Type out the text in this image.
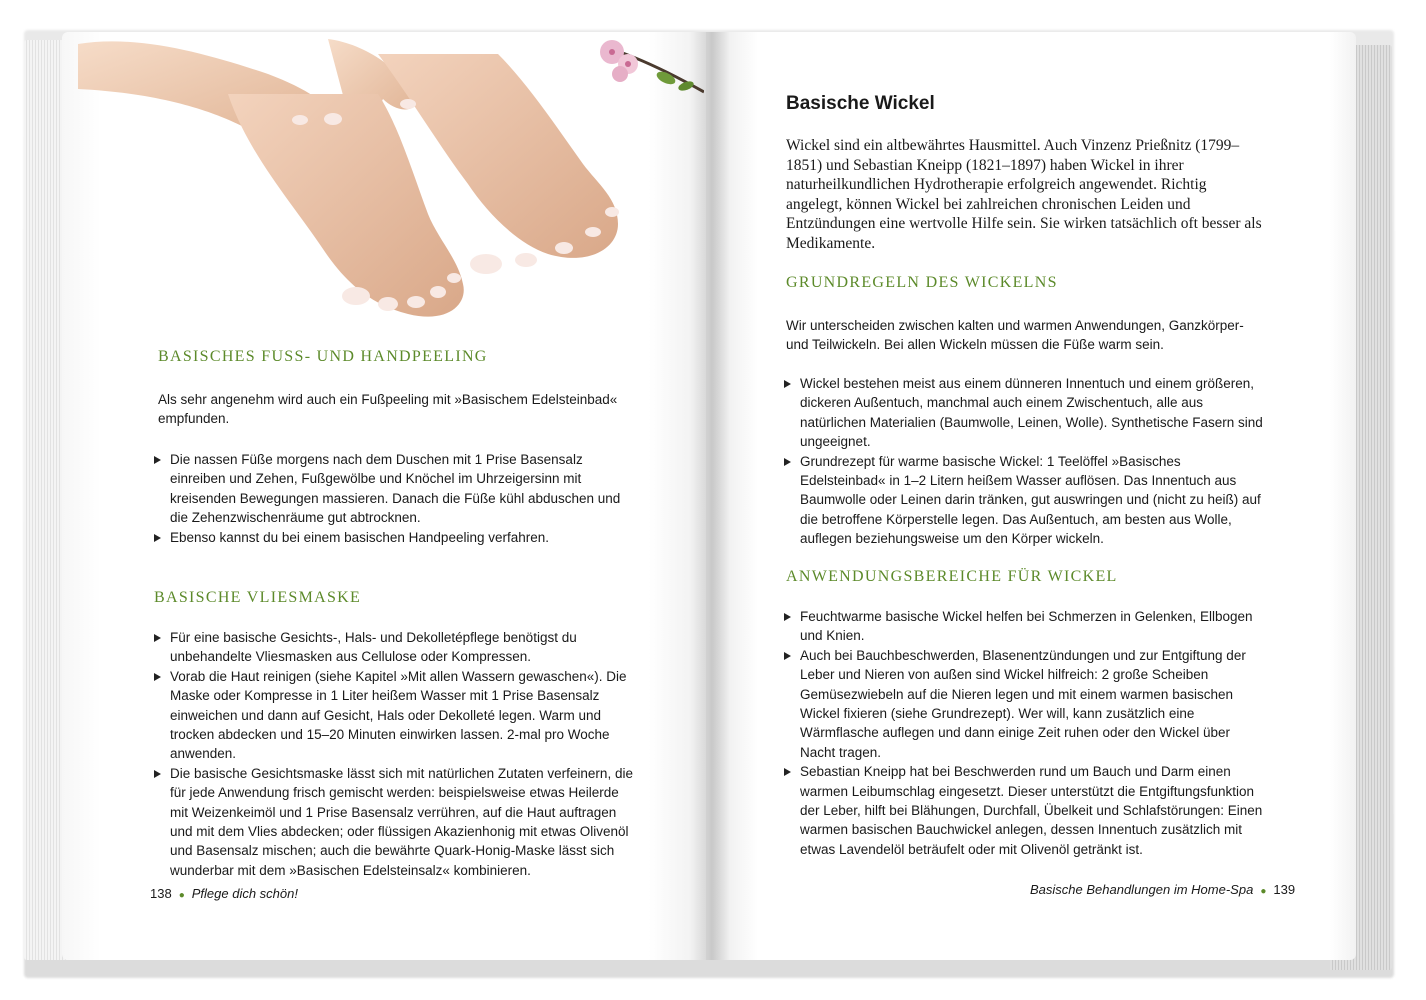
BASISCHES FUSS- UND HANDPEELING
Als sehr angenehm wird auch ein Fußpeeling mit »Basischem Edelsteinbad« empfunden.
Die nassen Füße morgens nach dem Duschen mit 1 Prise Basensalz einreiben und Zehen, Fußgewölbe und Knöchel im Uhrzeigersinn mit kreisenden Bewegungen massieren. Danach die Füße kühl abduschen und die Zehenzwischenräume gut abtrocknen.
Ebenso kannst du bei einem basischen Handpeeling verfahren.
BASISCHE VLIESMASKE
Für eine basische Gesichts-, Hals- und Dekolletépflege benötigst du unbehandelte Vliesmasken aus Cellulose oder Kompressen.
Vorab die Haut reinigen (siehe Kapitel »Mit allen Wassern gewaschen«). Die Maske oder Kompresse in 1 Liter heißem Wasser mit 1 Prise Basensalz einweichen und dann auf Gesicht, Hals oder Dekolleté legen. Warm und trocken abdecken und 15–20 Minuten einwirken lassen. 2-mal pro Woche anwenden.
Die basische Gesichtsmaske lässt sich mit natürlichen Zutaten verfeinern, die für jede Anwendung frisch gemischt werden: beispielsweise etwas Heilerde mit Weizenkeimöl und 1 Prise Basensalz verrühren, auf die Haut auftragen und mit dem Vlies abdecken; oder flüssigen Akazienhonig mit etwas Olivenöl und Basensalz mischen; auch die bewährte Quark-Honig-Maske lässt sich wunderbar mit dem »Basischen Edelsteinsalz« kombinieren.
138 ● Pflege dich schön!
Basische Wickel
Wickel sind ein altbewährtes Hausmittel. Auch Vinzenz Prießnitz (1799–1851) und Sebastian Kneipp (1821–1897) haben Wickel in ihrer naturheilkundlichen Hydrotherapie erfolgreich angewendet. Richtig angelegt, können Wickel bei zahlreichen chronischen Leiden und Entzündungen eine wertvolle Hilfe sein. Sie wirken tatsächlich oft besser als Medikamente.
GRUNDREGELN DES WICKELNS
Wir unterscheiden zwischen kalten und warmen Anwendungen, Ganzkörper- und Teilwickeln. Bei allen Wickeln müssen die Füße warm sein.
Wickel bestehen meist aus einem dünneren Innentuch und einem größeren, dickeren Außentuch, manchmal auch einem Zwischentuch, alle aus natürlichen Materialien (Baumwolle, Leinen, Wolle). Synthetische Fasern sind ungeeignet.
Grundrezept für warme basische Wickel: 1 Teelöffel »Basisches Edelsteinbad« in 1–2 Litern heißem Wasser auflösen. Das Innentuch aus Baumwolle oder Leinen darin tränken, gut auswringen und (nicht zu heiß) auf die betroffene Körperstelle legen. Das Außentuch, am besten aus Wolle, auflegen beziehungsweise um den Körper wickeln.
ANWENDUNGSBEREICHE FÜR WICKEL
Feuchtwarme basische Wickel helfen bei Schmerzen in Gelenken, Ellbogen und Knien.
Auch bei Bauchbeschwerden, Blasenentzündungen und zur Entgiftung der Leber und Nieren von außen sind Wickel hilfreich: 2 große Scheiben Gemüsezwiebeln auf die Nieren legen und mit einem warmen basischen Wickel fixieren (siehe Grundrezept). Wer will, kann zusätzlich eine Wärmflasche auflegen und dann einige Zeit ruhen oder den Wickel über Nacht tragen.
Sebastian Kneipp hat bei Beschwerden rund um Bauch und Darm einen warmen Leibumschlag eingesetzt. Dieser unterstützt die Entgiftungsfunktion der Leber, hilft bei Blähungen, Durchfall, Übelkeit und Schlafstörungen: Einen warmen basischen Bauchwickel anlegen, dessen Innentuch zusätzlich mit etwas Lavendelöl beträufelt oder mit Olivenöl getränkt ist.
Basische Behandlungen im Home-Spa ● 139
